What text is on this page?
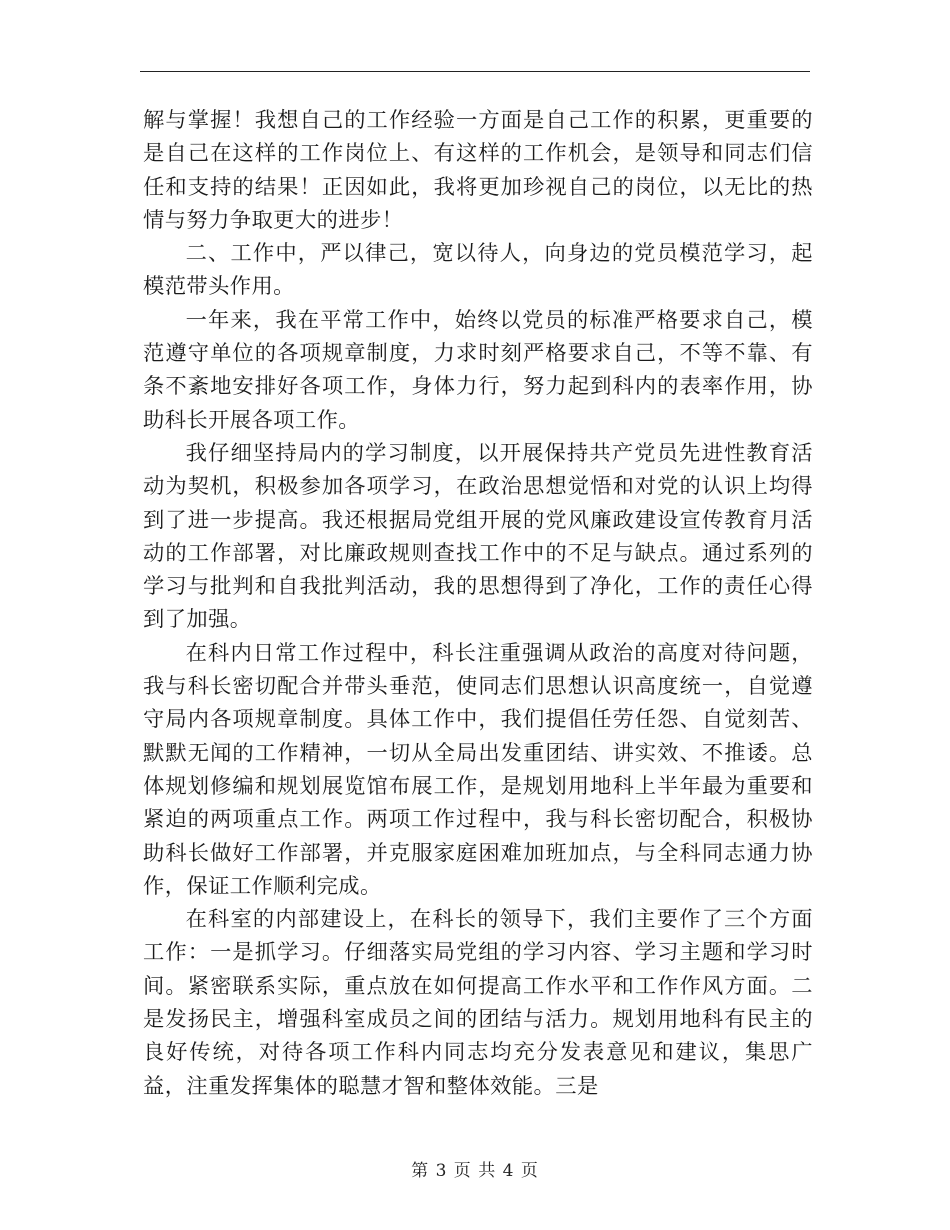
解与掌握！我想自己的工作经验一方面是自己工作的积累，更重要的是自己在这样的工作岗位上、有这样的工作机会，是领导和同志们信任和支持的结果！正因如此，我将更加珍视自己的岗位，以无比的热情与努力争取更大的进步！

二、工作中，严以律己，宽以待人，向身边的党员模范学习，起模范带头作用。

一年来，我在平常工作中，始终以党员的标准严格要求自己，模范遵守单位的各项规章制度，力求时刻严格要求自己，不等不靠、有条不紊地安排好各项工作，身体力行，努力起到科内的表率作用，协助科长开展各项工作。

我仔细坚持局内的学习制度，以开展保持共产党员先进性教育活动为契机，积极参加各项学习，在政治思想觉悟和对党的认识上均得到了进一步提高。我还根据局党组开展的党风廉政建设宣传教育月活动的工作部署，对比廉政规则查找工作中的不足与缺点。通过系列的学习与批判和自我批判活动，我的思想得到了净化，工作的责任心得到了加强。

在科内日常工作过程中，科长注重强调从政治的高度对待问题，我与科长密切配合并带头垂范，使同志们思想认识高度统一，自觉遵守局内各项规章制度。具体工作中，我们提倡任劳任怨、自觉刻苦、默默无闻的工作精神，一切从全局出发重团结、讲实效、不推诿。总体规划修编和规划展览馆布展工作，是规划用地科上半年最为重要和紧迫的两项重点工作。两项工作过程中，我与科长密切配合，积极协助科长做好工作部署，并克服家庭困难加班加点，与全科同志通力协作，保证工作顺利完成。

在科室的内部建设上，在科长的领导下，我们主要作了三个方面工作：一是抓学习。仔细落实局党组的学习内容、学习主题和学习时间。紧密联系实际，重点放在如何提高工作水平和工作作风方面。二是发扬民主，增强科室成员之间的团结与活力。规划用地科有民主的良好传统，对待各项工作科内同志均充分发表意见和建议，集思广益，注重发挥集体的聪慧才智和整体效能。三是

第 3 页 共 4 页
